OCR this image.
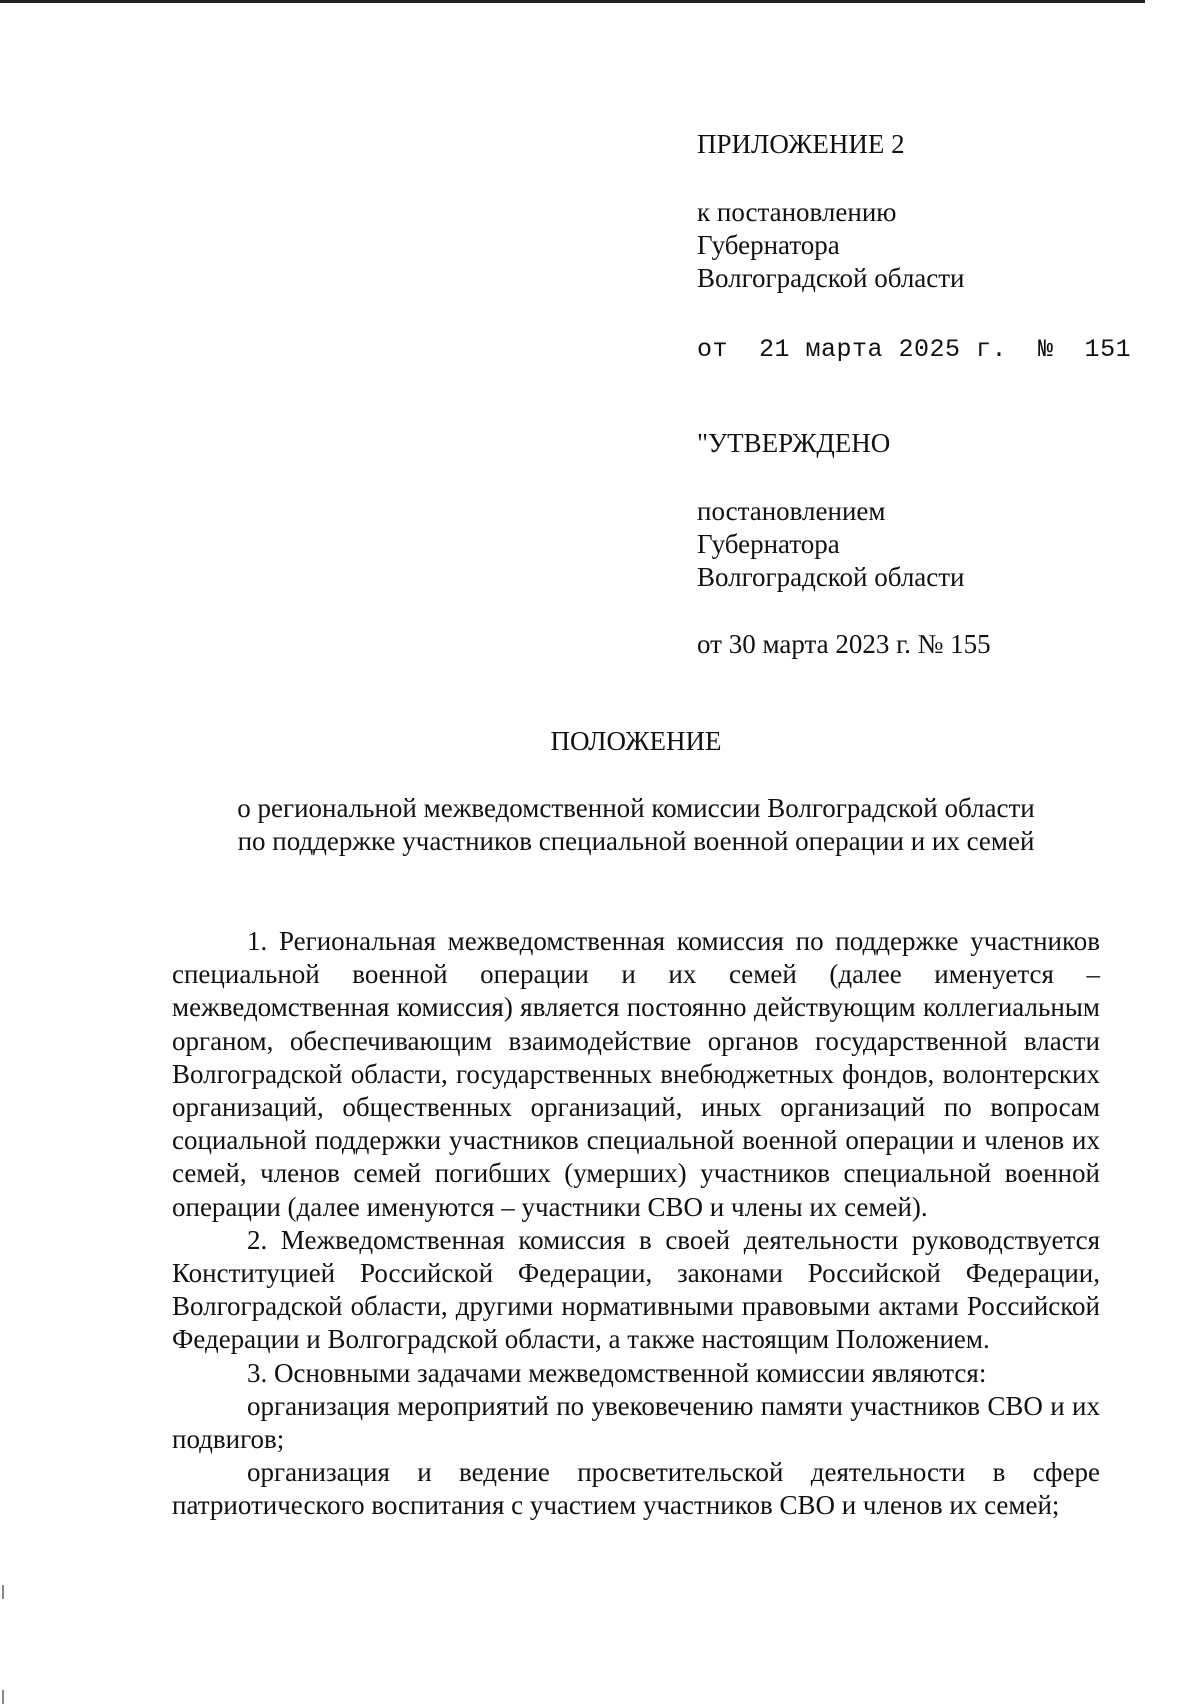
ПРИЛОЖЕНИЕ 2
к постановлению
Губернатора
Волгоградской области
от  21 марта 2025 г.  №  151
"УТВЕРЖДЕНО
постановлением
Губернатора
Волгоградской области
от 30 марта 2023 г. № 155
ПОЛОЖЕНИЕ
о региональной межведомственной комиссии Волгоградской области
по поддержке участников специальной военной операции и их семей

1. Региональная межведомственная комиссия по поддержке участников специальной военной операции и их семей (далее именуется – межведомственная комиссия) является постоянно действующим коллегиальным органом, обеспечивающим взаимодействие органов государственной власти Волгоградской области, государственных внебюджетных фондов, волонтерских организаций, общественных организаций, иных организаций по вопросам социальной поддержки участников специальной военной операции и членов их семей, членов семей погибших (умерших) участников специальной военной операции (далее именуются – участники СВО и члены их семей).

2. Межведомственная комиссия в своей деятельности руководствуется Конституцией Российской Федерации, законами Российской Федерации, Волгоградской области, другими нормативными правовыми актами Российской Федерации и Волгоградской области, а также настоящим Положением.

3. Основными задачами межведомственной комиссии являются:

организация мероприятий по увековечению памяти участников СВО и их подвигов;

организация и ведение просветительской деятельности в сфере патриотического воспитания с участием участников СВО и членов их семей;
